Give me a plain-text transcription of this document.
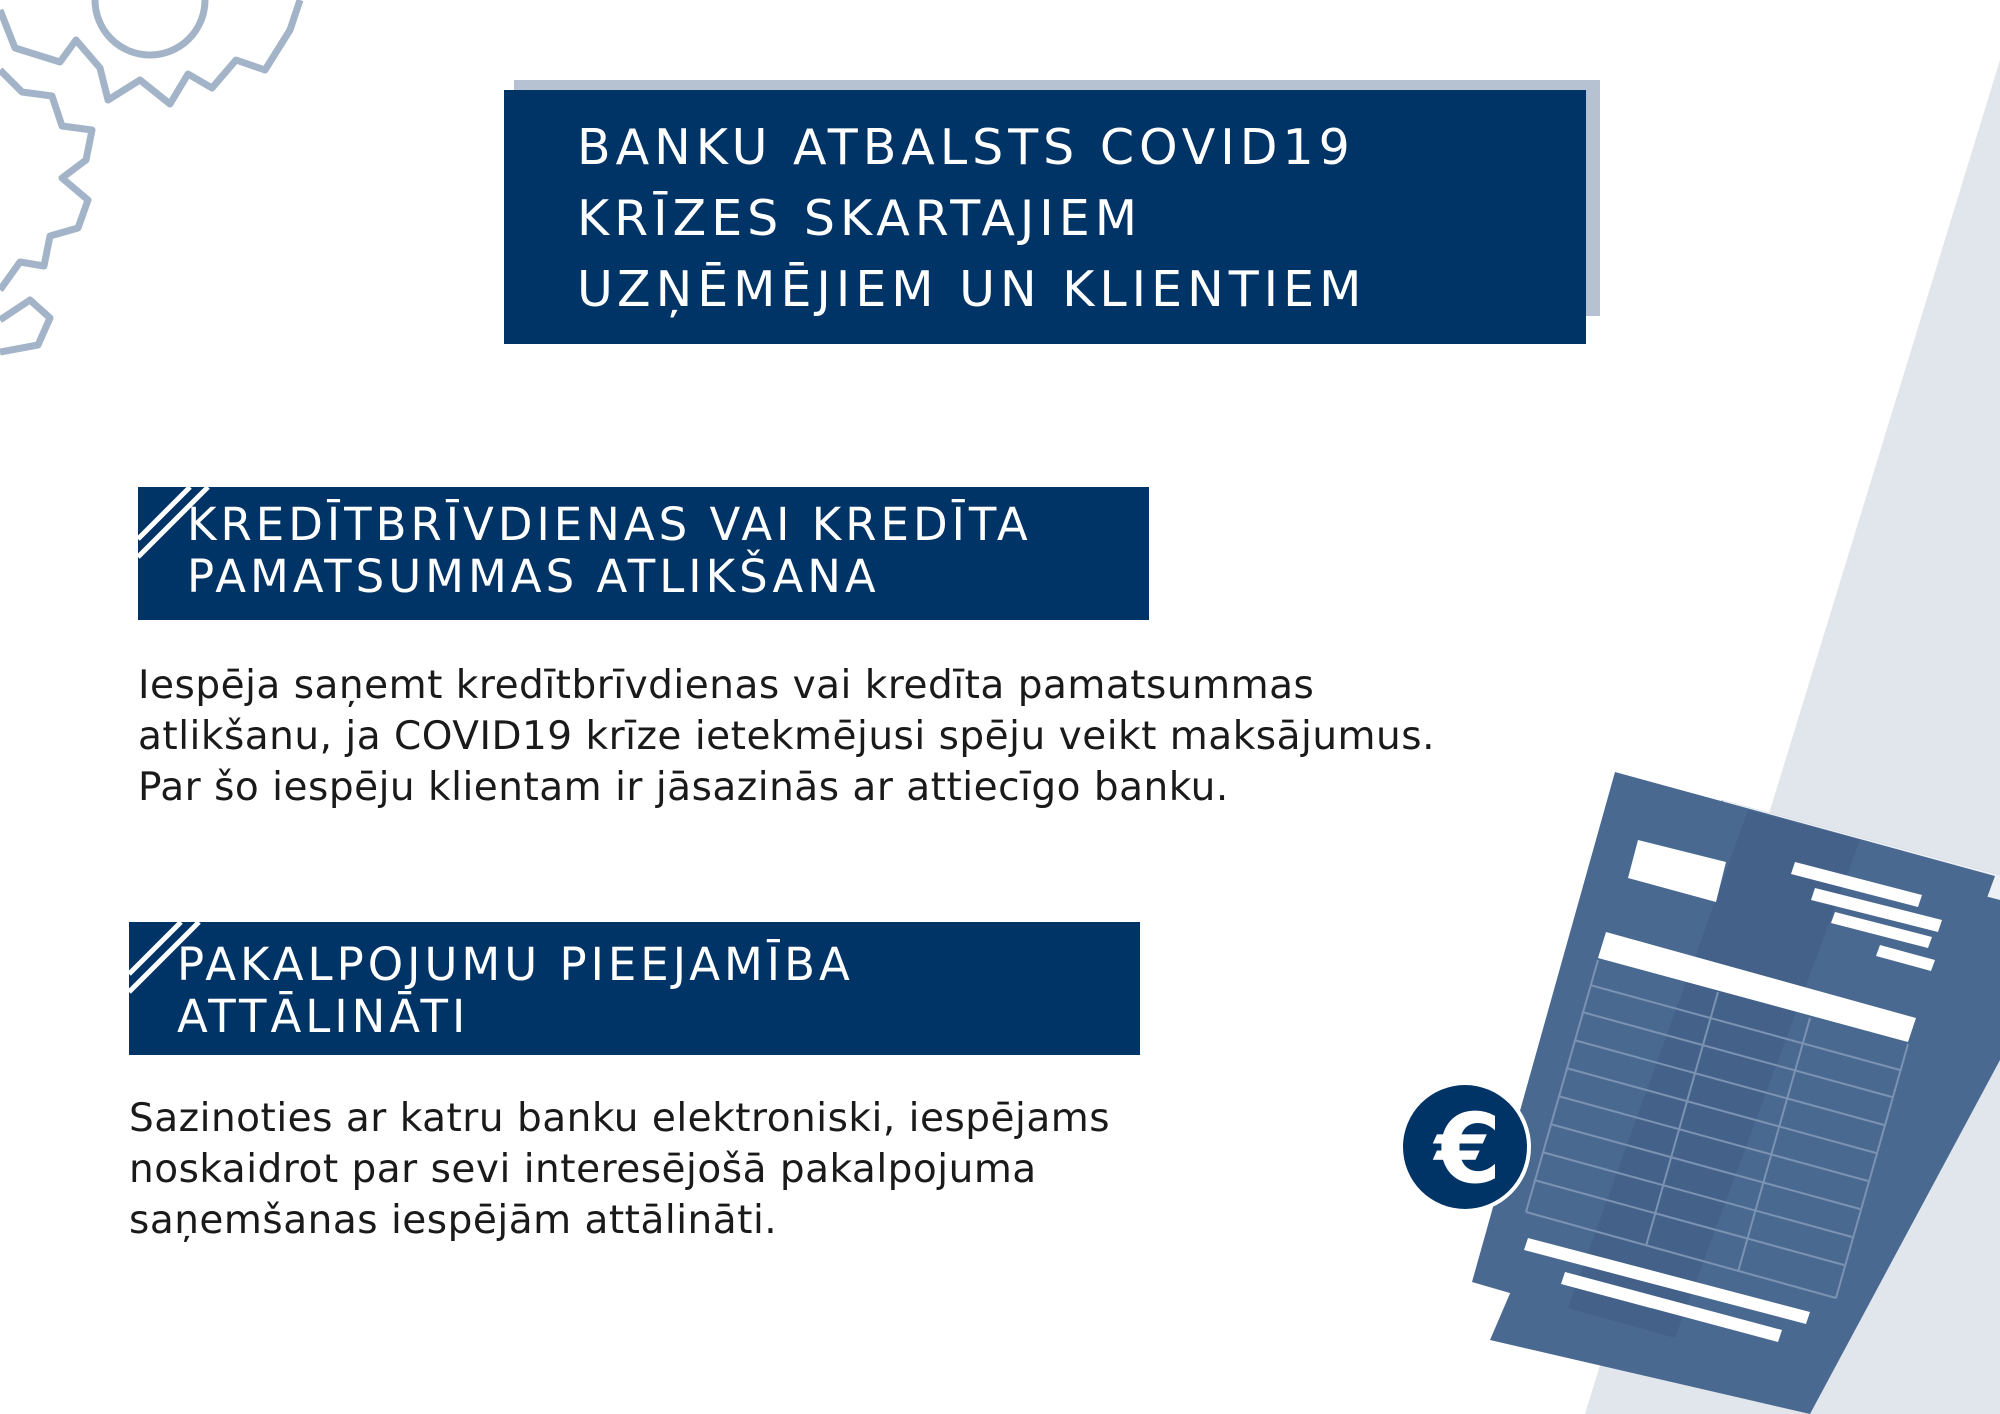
BANKU ATBALSTS COVID19
KRĪZES SKARTAJIEM
UZŅĒMĒJIEM UN KLIENTIEM
KREDĪTBRĪVDIENAS VAI KREDĪTA
PAMATSUMMAS ATLIKŠANA
Iespēja saņemt kredītbrīvdienas vai kredīta pamatsummas
atlikšanu, ja COVID19 krīze ietekmējusi spēju veikt maksājumus.
Par šo iespēju klientam ir jāsazinās ar attiecīgo banku.
PAKALPOJUMU PIEEJAMĪBA
ATTĀLINĀTI
Sazinoties ar katru banku elektroniski, iespējams
noskaidrot par sevi interesējošā pakalpojuma
saņemšanas iespējām attālināti.
€
